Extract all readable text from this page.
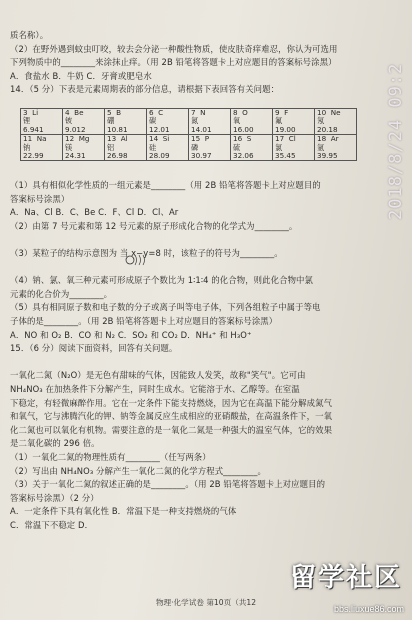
2018/8/24 09:2
质名称）。
（2）在野外遇到蚊虫叮咬，较去会分泌一种酸性物质，使皮肤奇痒难忍，你认为可选用
下列物质中的________来涂抹止痒。（用 2B 铅笔将答题卡上对应题目的答案标号涂黑）
A．食盐水 B．牛奶 C．牙膏或肥皂水
14．（5 分）下表是元素周期表的部分信息，请根据下表回答有关问题：
3  Li
锂
6.941	4  Be
铍
9.012	5  B
硼
10.81	6  C
碳
12.01	7  N
氮
14.01	8  O
氧
16.00	9  F
氟
19.00	10  Ne
氖
20.18
11  Na
钠
22.99	12  Mg
镁
24.31	13  Al
铝
26.98	14  Si
硅
28.09	15  P
磷
30.97	16  S
硫
32.06	17  Cl
氯
35.45	18  Ar
氩
39.95
（1）具有相似化学性质的一组元素是________（用 2B 铅笔将答题卡上对应题目的
答案标号涂黑）
A．Na、Cl B．C、Be C．F、Cl D．Cl、Ar
（2）由第 7 号元素和第 12 号元素的原子形成化合物的化学式为________。
（3）某粒子的结构示意图为 当 x−y=8 时，该粒子的符号为________。
（4）钠、氯、氧三种元素可形成原子个数比为 1∶1∶4 的化合物，则此化合物中氯
元素的化合价为________。
（5）具有相同原子数和电子数的分子或离子叫等电子体，下列各组粒子中属于等电
子体的是________。（用 2B 铅笔将答题卡上对应题目的答案标号涂黑）
A．NO 和 O₂ B．CO 和 N₂ C．SO₂ 和 CO₂ D．NH₄⁺ 和 H₃O⁺
15．（6 分）阅读下面资料，回答有关问题。
一氧化二氮（N₂O）是无色有甜味的气体，因能致人发笑，故称"笑气"。它可由
NH₄NO₃ 在加热条件下分解产生，同时生成水。它能溶于水、乙醇等。在室温
下稳定，有轻微麻醉作用。它在一定条件下能支持燃烧，因为它在高温下能分解成氮气
和氧气，它与沸腾汽化的钾、钠等金属反应生成相应的亚硝酸盐，在高温条件下，一氧
化二氮也可以氧化有机物。需要注意的是一氧化二氮是一种强大的温室气体，它的效果
是二氧化碳的 296 倍。
（1）一氧化二氮的物理性质有________（任写两条）
（2）写出由 NH₄NO₃ 分解产生一氧化二氮的化学方程式________。
（3）关于一氧化二氮的叙述正确的是________。（用 2B 铅笔将答题卡上对应题目的
答案标号涂黑）（2 分）
A．一定条件下具有氧化性 B．常温下是一种支持燃烧的气体
C．常温下不稳定 D．
物理·化学试卷 第10页（共12
留学社区
bbs.liuxue86.com
